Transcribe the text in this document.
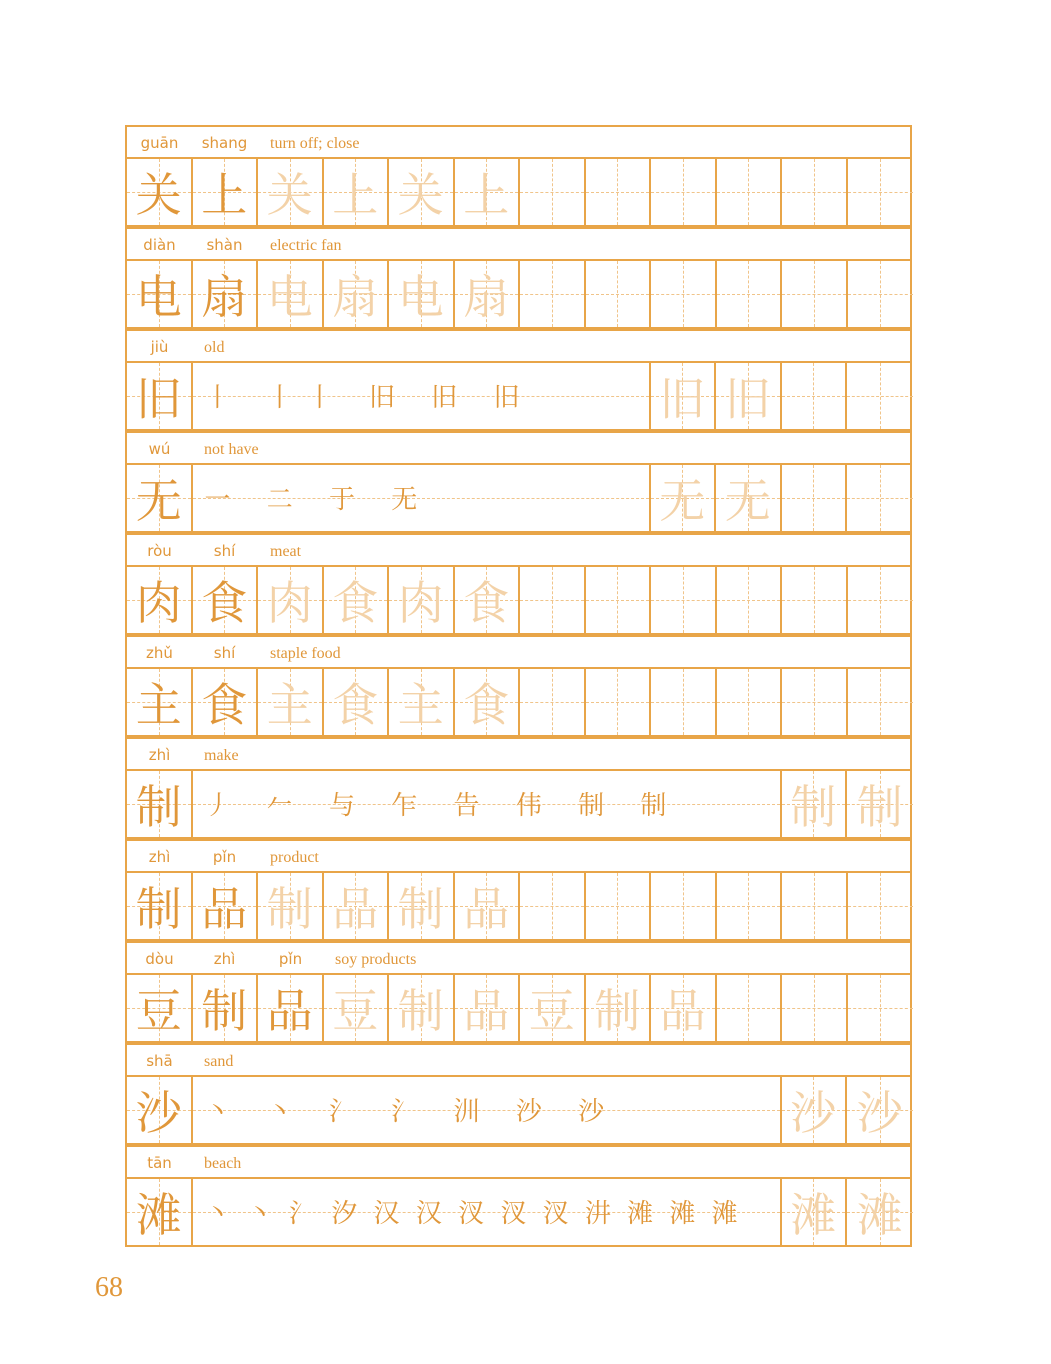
guān	shang	turn off; close
关 上 关 上 关 上
diàn	shàn	electric fan
电 扇 电 扇 电 扇
jiù	old
旧 丨 丨丨 旧 旧 旧	旧 旧
wú	not have
无 一 二 于 无	无 无
ròu	shí	meat
肉 食 肉 食 肉 食
zhǔ	shí	staple food
主 食 主 食 主 食
zhì	make
制 丿 𠂉 与 乍 告 伟 制 制 制 制
zhì	pǐn	product
制 品 制 品 制 品
dòu	zhì	pǐn	soy products
豆 制 品 豆 制 品 豆 制 品
shā	sand
沙 丶 丶 氵 氵 汌 沙 沙	沙 沙
tān	beach
滩 丶 丶 氵 汐 汉 汉 汊 汊 汊 汫 滩 滩 滩 滩 滩
68
